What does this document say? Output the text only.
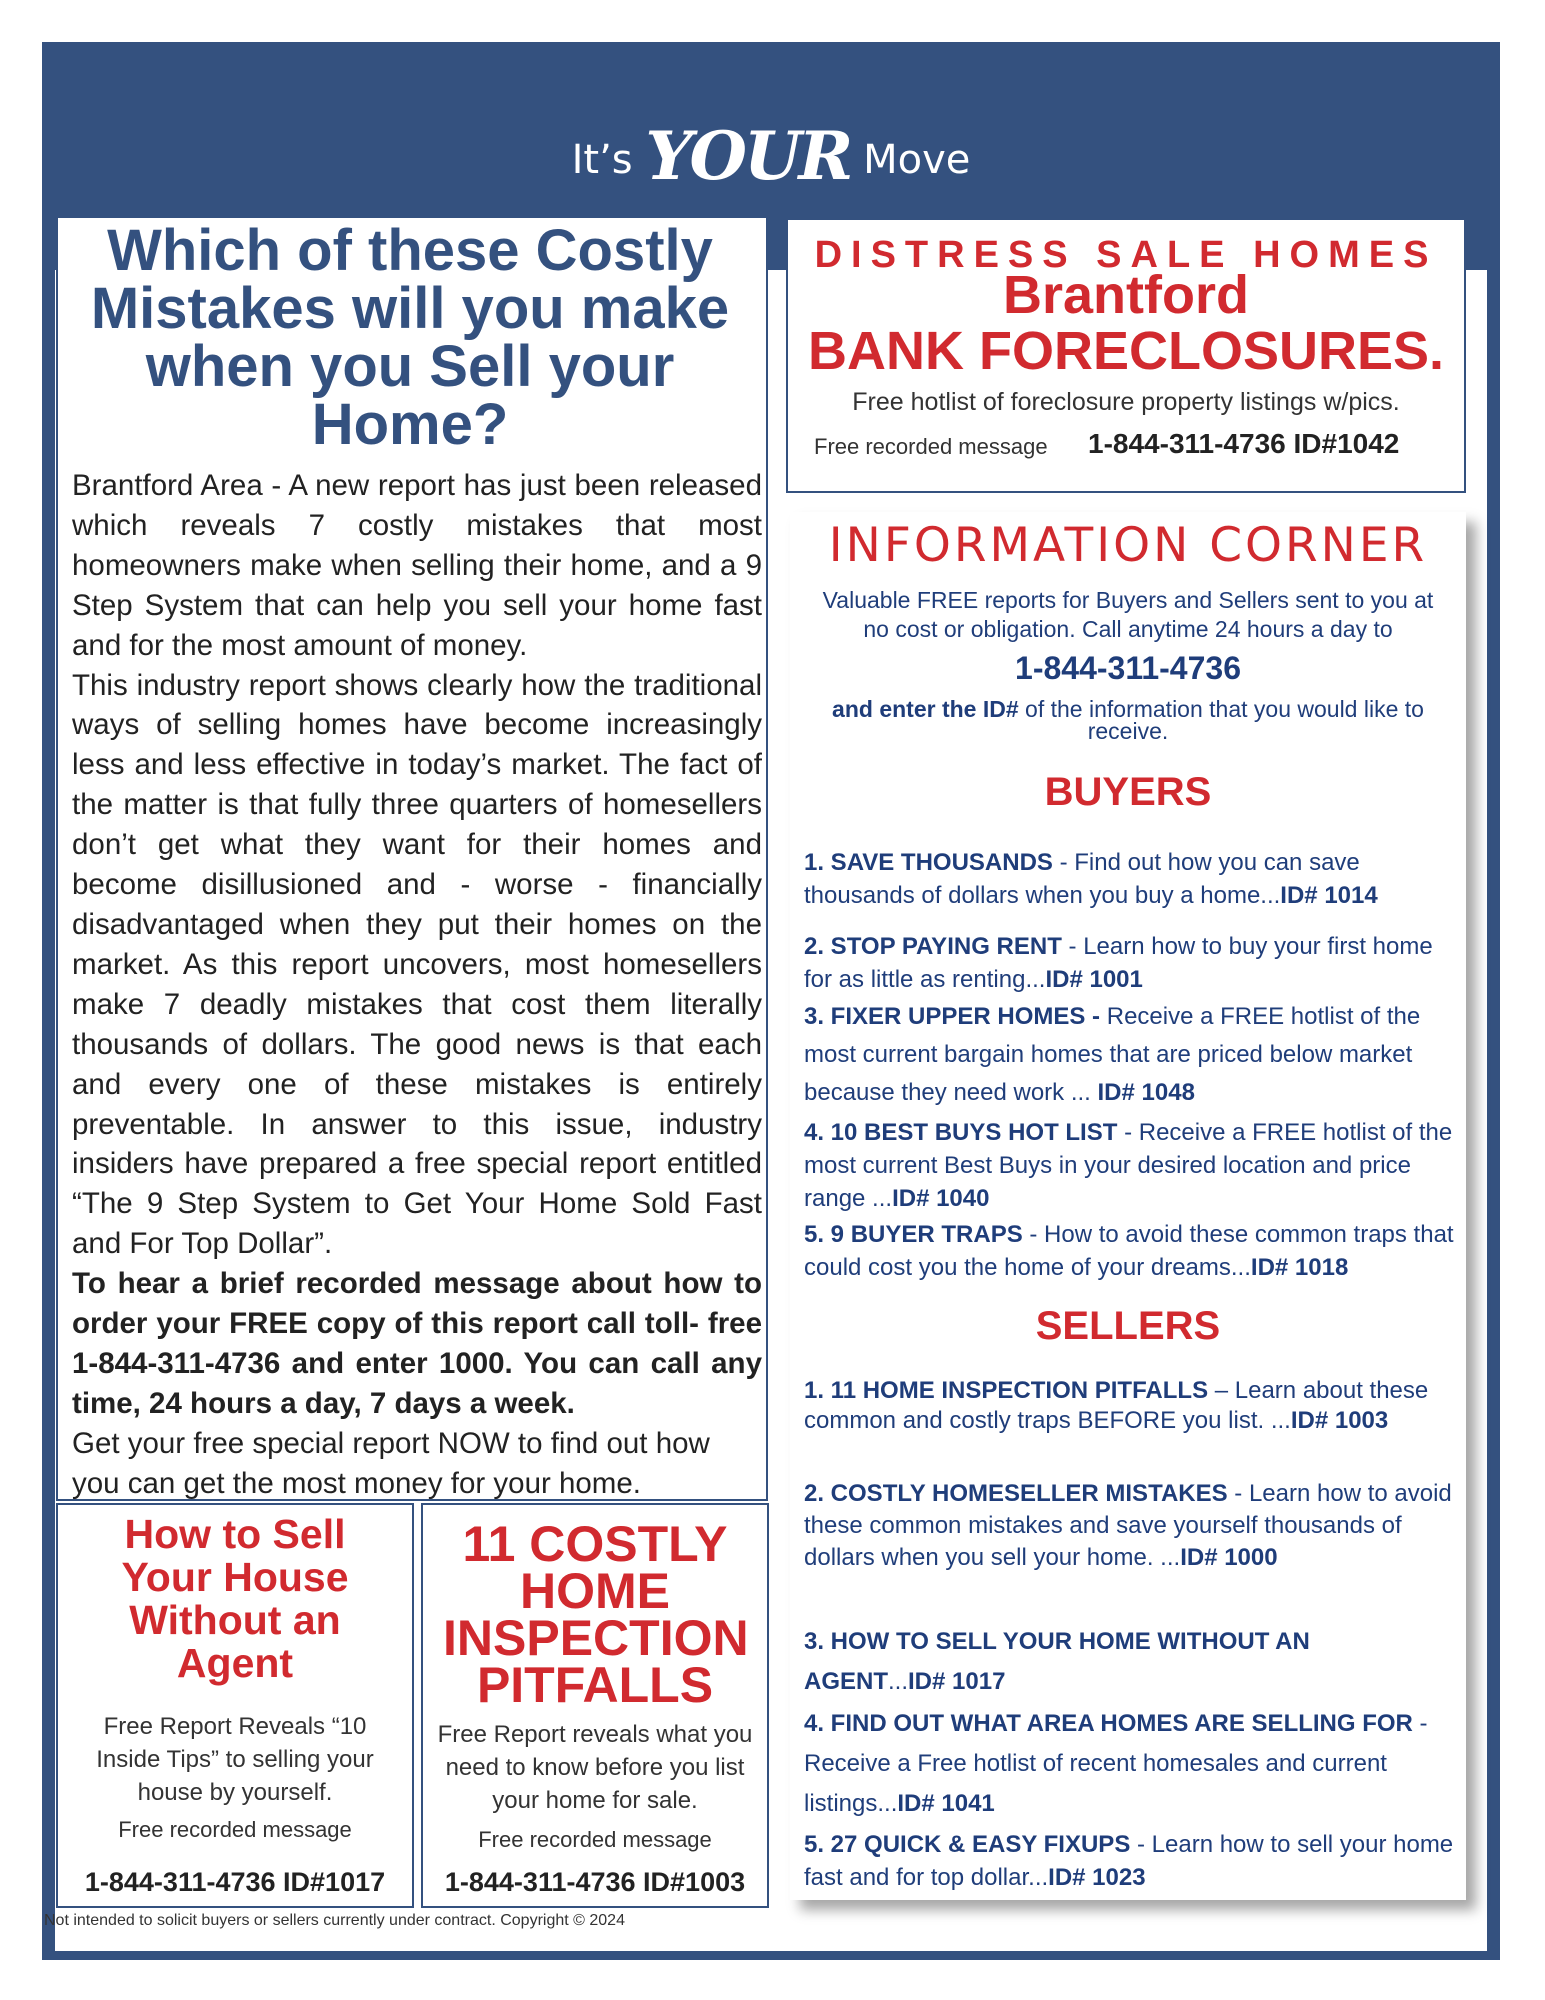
It’s YOUR Move
Which of these Costly Mistakes will you make when you Sell your Home?

Brantford Area - A new report has just been released which reveals 7 costly mistakes that most homeowners make when selling their home, and a 9 Step System that can help you sell your home fast and for the most amount of money.

This industry report shows clearly how the traditional ways of selling homes have become increasingly less and less effective in today’s market. The fact of the matter is that fully three quarters of homesellers don’t get what they want for their homes and become disillusioned and - worse - financially disadvantaged when they put their homes on the market. As this report uncovers, most homesellers make 7 deadly mistakes that cost them literally thousands of dollars. The good news is that each and every one of these mistakes is entirely preventable. In answer to this issue, industry insiders have prepared a free special report entitled “The 9 Step System to Get Your Home Sold Fast and For Top Dollar”.

To hear a brief recorded message about how to order your FREE copy of this report call toll- free 1-844-311-4736 and enter 1000. You can call any time, 24 hours a day, 7 days a week.

Get your free special report NOW to find out how you can get the most money for your home.

How to Sell Your House Without an Agent
Free Report Reveals “10 Inside Tips” to selling your house by yourself.
Free recorded message
1-844-311-4736 ID#1017
11 COSTLY HOME INSPECTION PITFALLS
Free Report reveals what you need to know before you list your home for sale.
Free recorded message
1-844-311-4736 ID#1003
Not intended to solicit buyers or sellers currently under contract. Copyright © 2024
DISTRESS SALE HOMES
Brantford
BANK FORECLOSURES.
Free hotlist of foreclosure property listings w/pics.
Free recorded message 1-844-311-4736 ID#1042
INFORMATION CORNER
Valuable FREE reports for Buyers and Sellers sent to you at no cost or obligation. Call anytime 24 hours a day to
1-844-311-4736
and enter the ID# of the information that you would like to receive.
BUYERS
1. SAVE THOUSANDS - Find out how you can save thousands of dollars when you buy a home...ID# 1014
2. STOP PAYING RENT - Learn how to buy your first home for as little as renting...ID# 1001
3. FIXER UPPER HOMES - Receive a FREE hotlist of the most current bargain homes that are priced below market because they need work ... ID# 1048
4. 10 BEST BUYS HOT LIST - Receive a FREE hotlist of the most current Best Buys in your desired location and price range ...ID# 1040
5. 9 BUYER TRAPS - How to avoid these common traps that could cost you the home of your dreams...ID# 1018
SELLERS
1. 11 HOME INSPECTION PITFALLS – Learn about these common and costly traps BEFORE you list. ...ID# 1003
2. COSTLY HOMESELLER MISTAKES - Learn how to avoid these common mistakes and save yourself thousands of dollars when you sell your home. ...ID# 1000
3. HOW TO SELL YOUR HOME WITHOUT AN AGENT...ID# 1017
4. FIND OUT WHAT AREA HOMES ARE SELLING FOR - Receive a Free hotlist of recent homesales and current listings...ID# 1041
5. 27 QUICK & EASY FIXUPS - Learn how to sell your home fast and for top dollar...ID# 1023
